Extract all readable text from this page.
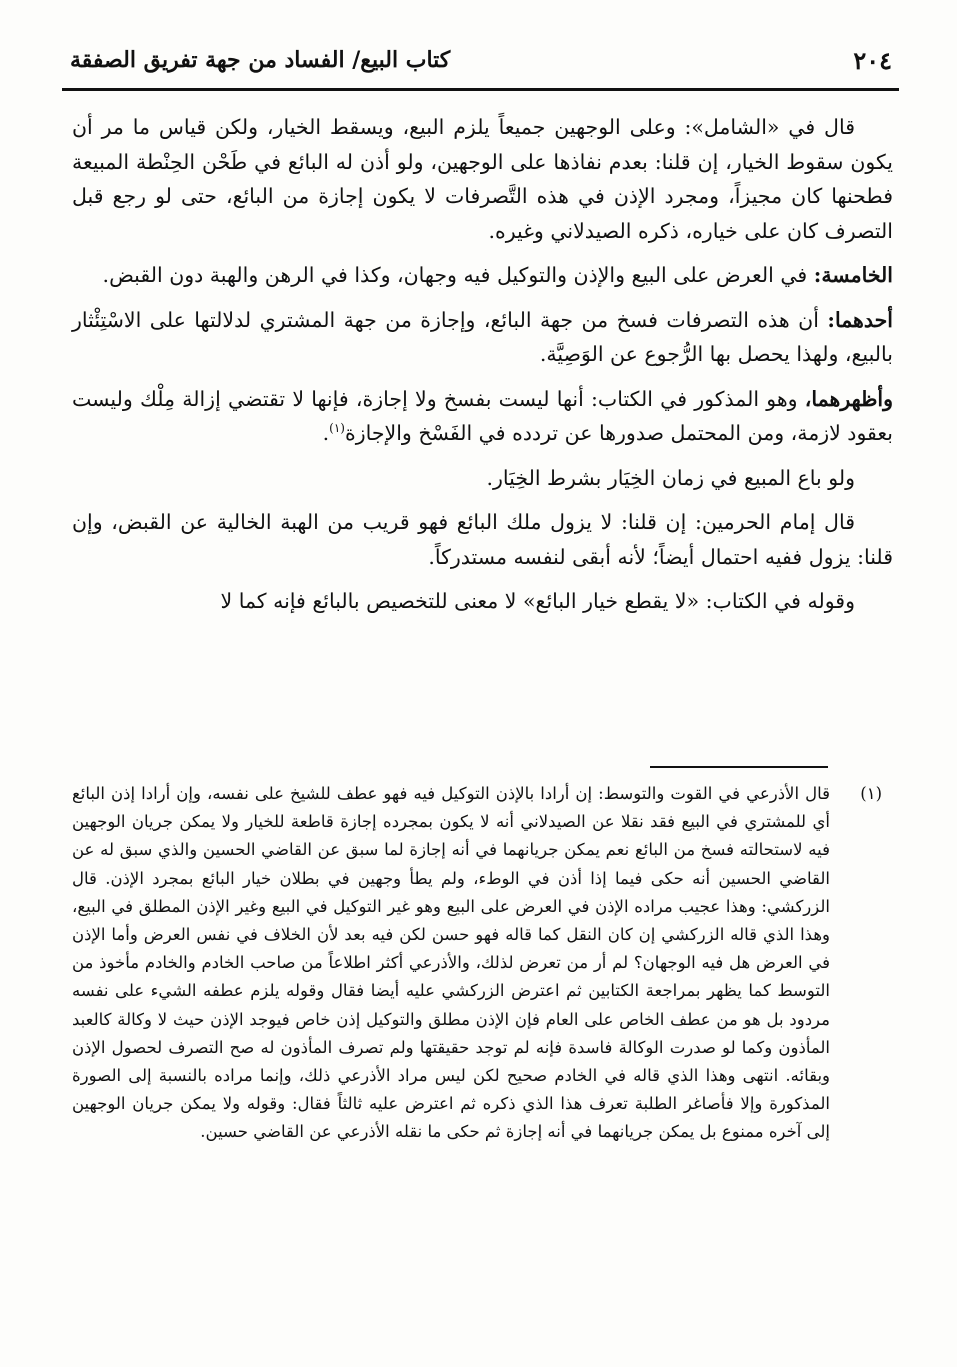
٢٠٤
كتاب البيع/ الفساد من جهة تفريق الصفقة

قال في «الشامل»: وعلى الوجهين جميعاً يلزم البيع، ويسقط الخيار، ولكن قياس ما مر أن يكون سقوط الخيار، إن قلنا: بعدم نفاذها على الوجهين، ولو أذن له البائع في طَحْن الحِنْطة المبيعة فطحنها كان مجيزاً، ومجرد الإذن في هذه التَّصرفات لا يكون إجازة من البائع، حتى لو رجع قبل التصرف كان على خياره، ذكره الصيدلاني وغيره.

الخامسة: في العرض على البيع والإذن والتوكيل فيه وجهان، وكذا في الرهن والهبة دون القبض.

أحدهما: أن هذه التصرفات فسخ من جهة البائع، وإجازة من جهة المشتري لدلالتها على الاسْتِئْثار بالبيع، ولهذا يحصل بها الرُّجوع عن الوَصِيَّة.

وأظهرهما، وهو المذكور في الكتاب: أنها ليست بفسخ ولا إجازة، فإنها لا تقتضي إزالة مِلْك وليست بعقود لازمة، ومن المحتمل صدورها عن تردده في الفَسْخ والإجازة$^{(١)}$.

ولو باع المبيع في زمان الخِيَار بشرط الخِيَار.

قال إمام الحرمين: إن قلنا: لا يزول ملك البائع فهو قريب من الهبة الخالية عن القبض، وإن قلنا: يزول ففيه احتمال أيضاً؛ لأنه أبقى لنفسه مستدركاً.

وقوله في الكتاب: «لا يقطع خيار البائع» لا معنى للتخصيص بالبائع فإنه كما لا

(١)

قال الأذرعي في القوت والتوسط: إن أرادا بالإذن التوكيل فيه فهو عطف للشيخ على نفسه، وإن أرادا إذن البائع أي للمشتري في البيع فقد نقلا عن الصيدلاني أنه لا يكون بمجرده إجازة قاطعة للخيار ولا يمكن جريان الوجهين فيه لاستحالته فسخ من البائع نعم يمكن جريانهما في أنه إجازة لما سبق عن القاضي الحسين والذي سبق له عن القاضي الحسين أنه حكى فيما إذا أذن في الوطء، ولم يطأ وجهين في بطلان خيار البائع بمجرد الإذن. قال الزركشي: وهذا عجيب مراده الإذن في العرض على البيع وهو غير التوكيل في البيع وغير الإذن المطلق في البيع، وهذا الذي قاله الزركشي إن كان النقل كما قاله فهو حسن لكن فيه بعد لأن الخلاف في نفس العرض وأما الإذن في العرض هل فيه الوجهان؟ لم أر من تعرض لذلك، والأذرعي أكثر اطلاعاً من صاحب الخادم والخادم مأخوذ من التوسط كما يظهر بمراجعة الكتابين ثم اعترض الزركشي عليه أيضا فقال وقوله يلزم عطفه الشيء على نفسه مردود بل هو من عطف الخاص على العام فإن الإذن مطلق والتوكيل إذن خاص فيوجد الإذن حيث لا وكالة كالعبد المأذون وكما لو صدرت الوكالة فاسدة فإنه لم توجد حقيقتها ولم تصرف المأذون له صح التصرف لحصول الإذن وبقائه. انتهى وهذا الذي قاله في الخادم صحيح لكن ليس مراد الأذرعي ذلك، وإنما مراده بالنسبة إلى الصورة المذكورة وإلا فأصاغر الطلبة تعرف هذا الذي ذكره ثم اعترض عليه ثالثاً فقال: وقوله ولا يمكن جريان الوجهين إلى آخره ممنوع بل يمكن جريانهما في أنه إجازة ثم حكى ما نقله الأذرعي عن القاضي حسين.
